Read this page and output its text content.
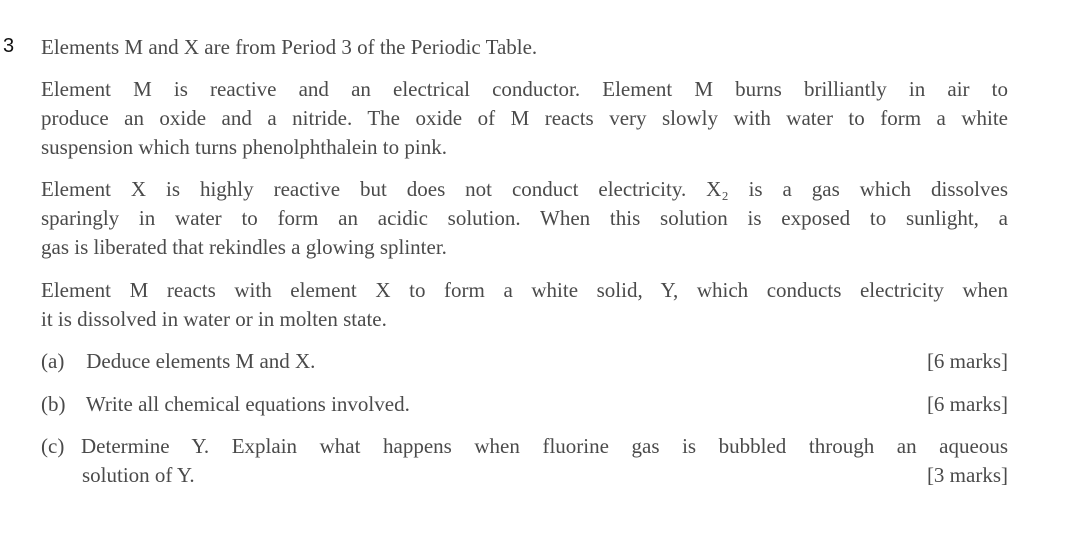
3 Elements M and X are from Period 3 of the Periodic Table.
Element M is reactive and an electrical conductor. Element M burns brilliantly in air to
produce an oxide and a nitride. The oxide of M reacts very slowly with water to form a white
suspension which turns phenolphthalein to pink.
Element X is highly reactive but does not conduct electricity. X₂ is a gas which dissolves
sparingly in water to form an acidic solution. When this solution is exposed to sunlight, a
gas is liberated that rekindles a glowing splinter.
Element M reacts with element X to form a white solid, Y, which conducts electricity when
it is dissolved in water or in molten state.
(a) Deduce elements M and X.	[6 marks]
(b) Write all chemical equations involved.	[6 marks]
(c) Determine Y. Explain what happens when fluorine gas is bubbled through an aqueous
solution of Y.	[3 marks]
